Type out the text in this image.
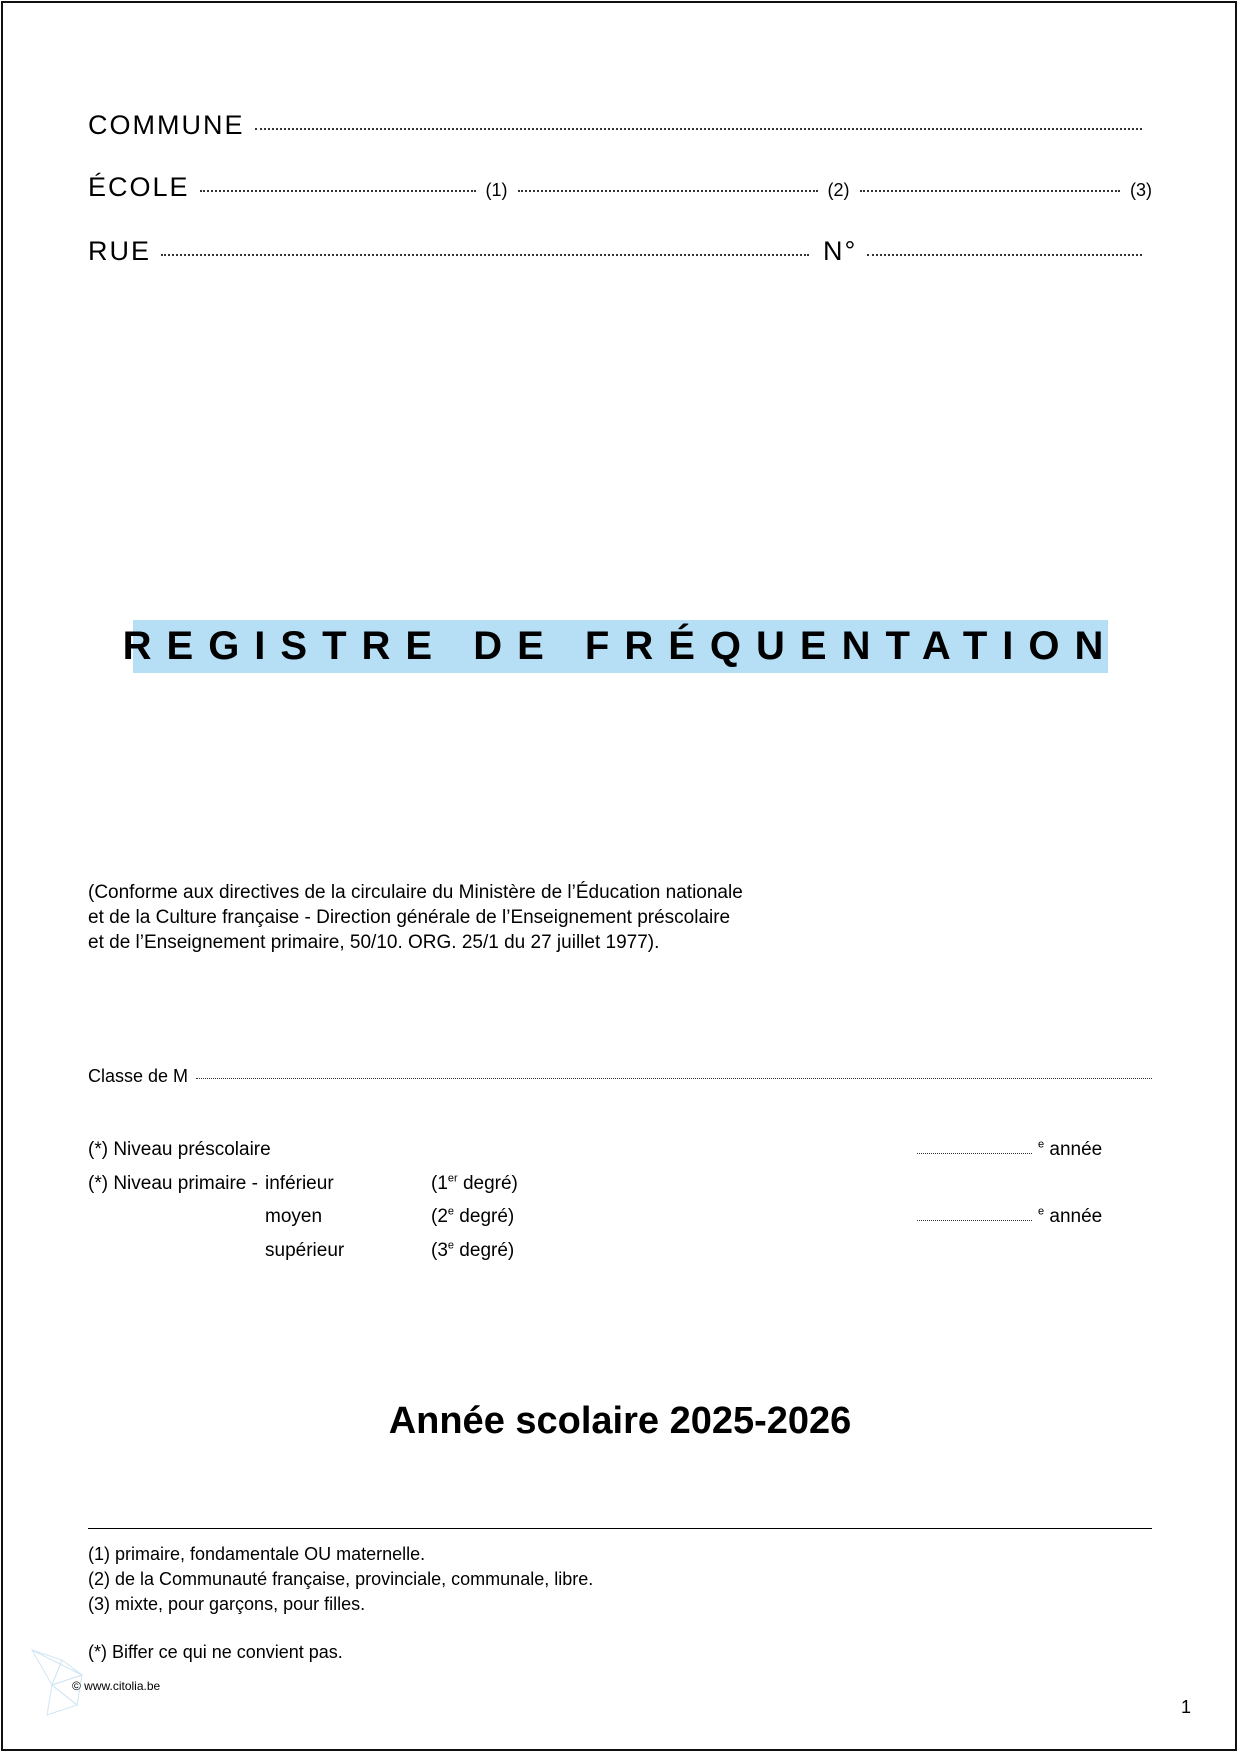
COMMUNE
ÉCOLE	(1)	(2)	(3)
RUE	N°
REGISTRE DE FRÉQUENTATION
(Conforme aux directives de la circulaire du Ministère de l’Éducation nationale
et de la Culture française - Direction générale de l’Enseignement préscolaire
et de l’Enseignement primaire, 50/10. ORG. 25/1 du 27 juillet 1977).
Classe de M
(*) Niveau préscolaire	$^e$ année
(*) Niveau primaire - inférieur	(1er degré)
moyen	(2e degré)	$^e$ année
supérieur	(3e degré)
Année scolaire 2025-2026
(1) primaire, fondamentale OU maternelle.
(2) de la Communauté française, provinciale, communale, libre.
(3) mixte, pour garçons, pour filles.
(*) Biffer ce qui ne convient pas.
© www.citolia.be
1
